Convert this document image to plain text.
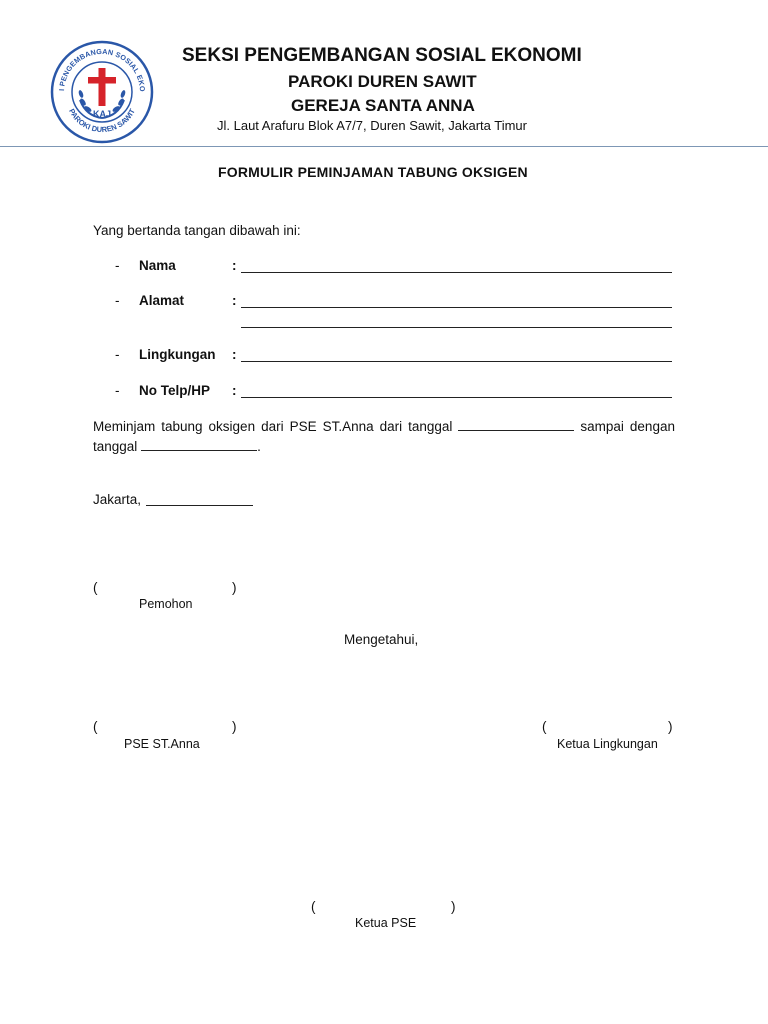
I PENGEMBANGAN SOSIAL EKO
PAROKI DUREN SAWIT
KAJ
SEKSI PENGEMBANGAN SOSIAL EKONOMI
PAROKI DUREN SAWIT
GEREJA SANTA ANNA
Jl. Laut Arafuru Blok A7/7, Duren Sawit, Jakarta Timur
FORMULIR PEMINJAMAN TABUNG OKSIGEN
Yang bertanda tangan dibawah ini:
- Nama	:
- Alamat	:
- Lingkungan :
- No Telp/HP :
Meminjam tabung oksigen dari PSE ST.Anna dari tanggal	sampai dengan tanggal	.
Jakarta,
(	)
Pemohon
Mengetahui,
(	)
PSE ST.Anna
(	)
Ketua Lingkungan
(	)
Ketua PSE
